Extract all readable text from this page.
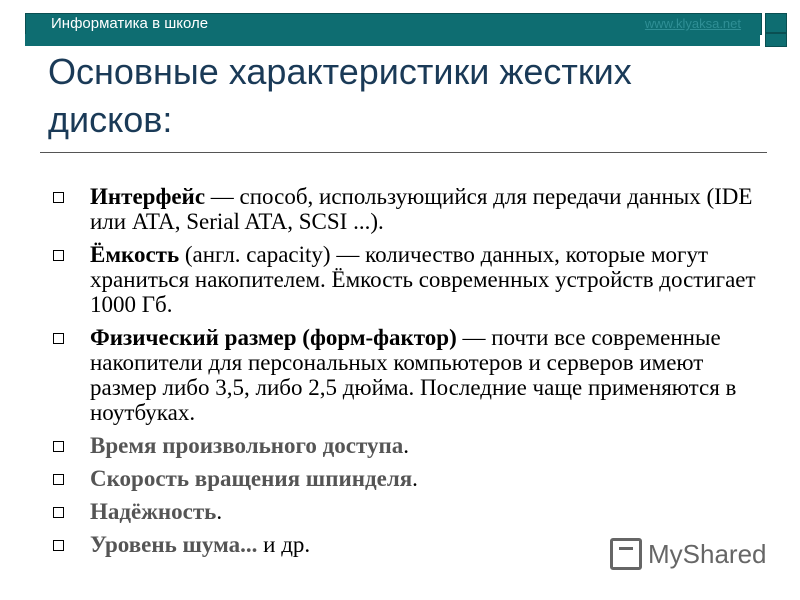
Информатика в школе	www.klyaksa.net
Основные характеристики жестких дисков:
Интерфейс — способ, использующийся для передачи данных (IDE или ATA, Serial ATA, SCSI ...).
Ёмкость (англ. capacity) — количество данных, которые могут храниться накопителем. Ёмкость современных устройств достигает 1000 Гб.
Физический размер (форм-фактор) — почти все современные накопители для персональных компьютеров и серверов имеют размер либо 3,5, либо 2,5 дюйма. Последние чаще применяются в ноутбуках.
Время произвольного доступа.
Скорость вращения шпинделя.
Надёжность.
Уровень шума... и др.	MyShared
